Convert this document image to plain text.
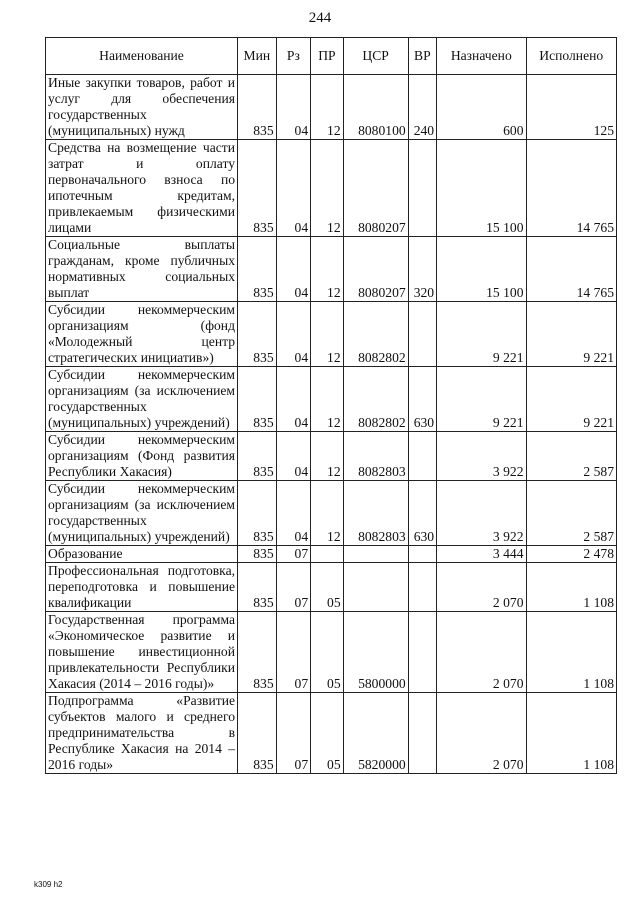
244
Наименование	Мин	Рз	ПР	ЦСР	ВР	Назначено	Исполнено
Иные закупки товаров, работ и услуг для обеспечения государственных (муниципальных) нужд	835	04	12	8080100	240	600	125
Средства на возмещение части затрат и оплату первоначального взноса по ипотечным кредитам, привлекаемым физическими лицами	835	04	12	8080207		15 100	14 765
Социальные выплаты гражданам, кроме публичных нормативных социальных выплат	835	04	12	8080207	320	15 100	14 765
Субсидии некоммерческим организациям (фонд «Молодежный центр стратегических инициатив»)	835	04	12	8082802		9 221	9 221
Субсидии некоммерческим организациям (за исключением государственных (муниципальных) учреждений)	835	04	12	8082802	630	9 221	9 221
Субсидии некоммерческим организациям (Фонд развития Республики Хакасия)	835	04	12	8082803		3 922	2 587
Субсидии некоммерческим организациям (за исключением государственных (муниципальных) учреждений)	835	04	12	8082803	630	3 922	2 587
Образование	835	07				3 444	2 478
Профессиональная подготовка, переподготовка и повышение квалификации	835	07	05			2 070	1 108
Государственная программа «Экономическое развитие и повышение инвестиционной привлекательности Республики Хакасия (2014 – 2016 годы)»	835	07	05	5800000		2 070	1 108
Подпрограмма «Развитие субъектов малого и среднего предпринимательства в Республике Хакасия на 2014 – 2016 годы»	835	07	05	5820000		2 070	1 108
k309 h2
